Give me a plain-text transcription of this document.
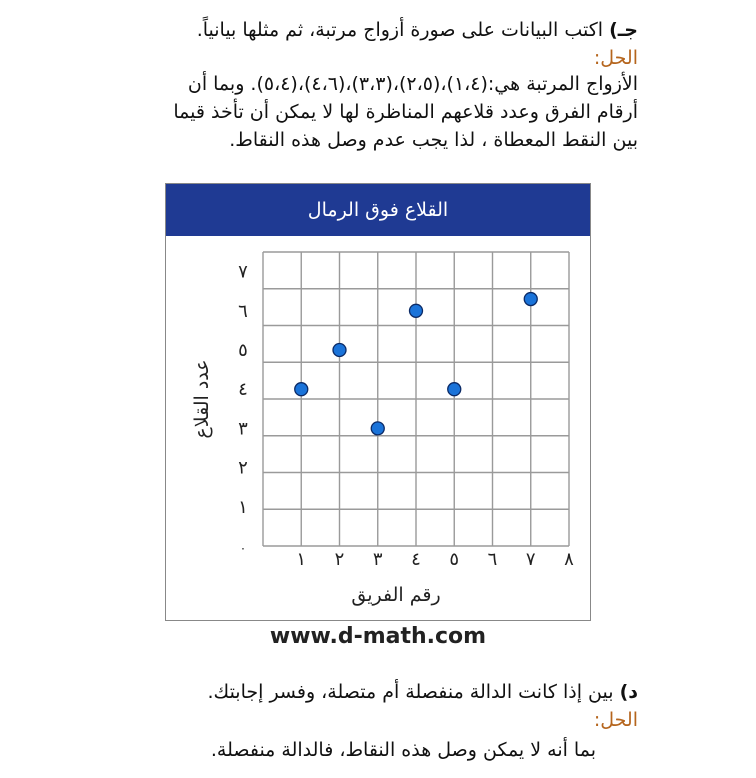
جـ) اكتب البيانات على صورة أزواج مرتبة، ثم مثلها بيانياً.
الحل:
الأزواج المرتبة هي:(١،٤)،(٢،٥)،(٣،٣)،(٤،٦)،(٥،٤). وبما أن
أرقام الفرق وعدد قلاعهم المناظرة لها لا يمكن أن تأخذ قيما
بين النقط المعطاة ، لذا يجب عدم وصل هذه النقاط.
القلاع فوق الرمال
١ ٢ ٣ ٤ ٥ ٦ ٧ ٨
٠
١
٢
٣
٤
٥
٦
٧
رقم الفريق
عدد القلاع
www.d-math.com
د) بين إذا كانت الدالة منفصلة أم متصلة، وفسر إجابتك.
الحل:
بما أنه لا يمكن وصل هذه النقاط، فالدالة منفصلة.
